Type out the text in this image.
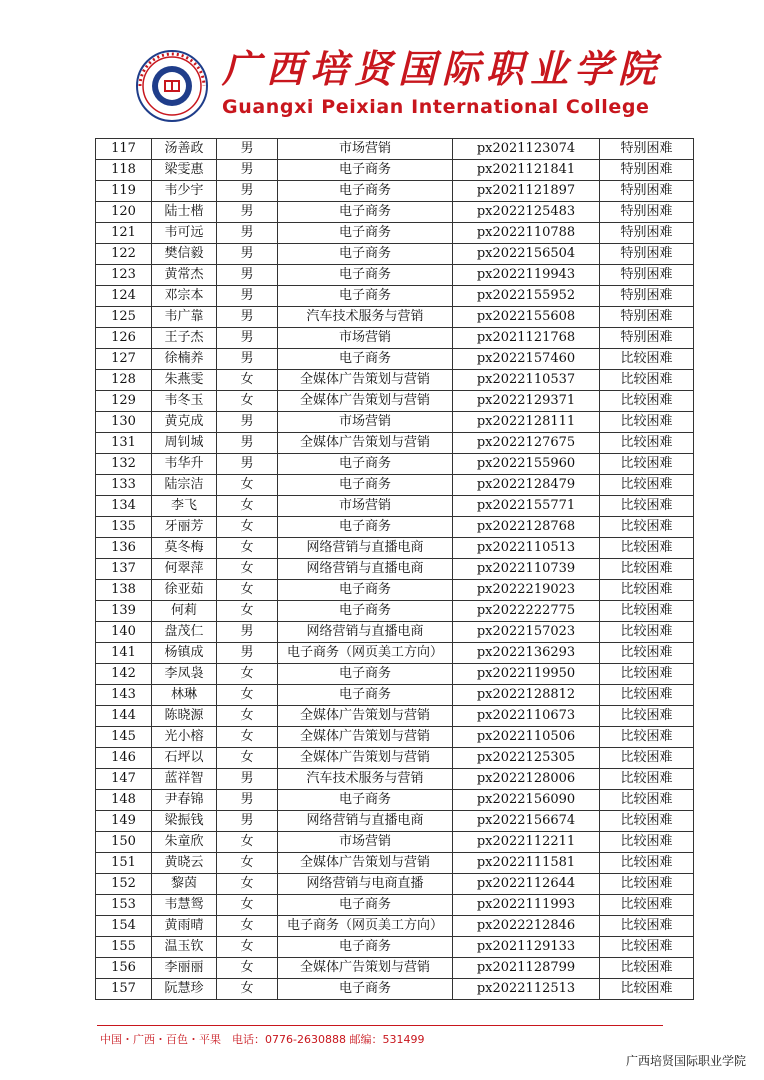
广西培贤国际职业学院
Guangxi Peixian International College
117	汤善政	男	市场营销	px2021123074	特别困难
118	梁雯惠	男	电子商务	px2021121841	特别困难
119	韦少宇	男	电子商务	px2021121897	特别困难
120	陆士楷	男	电子商务	px2022125483	特别困难
121	韦可远	男	电子商务	px2022110788	特别困难
122	樊信毅	男	电子商务	px2022156504	特别困难
123	黄常杰	男	电子商务	px2022119943	特别困难
124	邓宗本	男	电子商务	px2022155952	特别困难
125	韦广靠	男	汽车技术服务与营销	px2022155608	特别困难
126	王子杰	男	市场营销	px2021121768	特别困难
127	徐楠养	男	电子商务	px2022157460	比较困难
128	朱燕雯	女	全媒体广告策划与营销	px2022110537	比较困难
129	韦冬玉	女	全媒体广告策划与营销	px2022129371	比较困难
130	黄克成	男	市场营销	px2022128111	比较困难
131	周钊城	男	全媒体广告策划与营销	px2022127675	比较困难
132	韦华升	男	电子商务	px2022155960	比较困难
133	陆宗洁	女	电子商务	px2022128479	比较困难
134	李飞	女	市场营销	px2022155771	比较困难
135	牙丽芳	女	电子商务	px2022128768	比较困难
136	莫冬梅	女	网络营销与直播电商	px2022110513	比较困难
137	何翠萍	女	网络营销与直播电商	px2022110739	比较困难
138	徐亚茹	女	电子商务	px2022219023	比较困难
139	何莉	女	电子商务	px2022222775	比较困难
140	盘茂仁	男	网络营销与直播电商	px2022157023	比较困难
141	杨镇成	男	电子商务（网页美工方向）	px2022136293	比较困难
142	李凤袅	女	电子商务	px2022119950	比较困难
143	林琳	女	电子商务	px2022128812	比较困难
144	陈晓源	女	全媒体广告策划与营销	px2022110673	比较困难
145	光小榕	女	全媒体广告策划与营销	px2022110506	比较困难
146	石坪以	女	全媒体广告策划与营销	px2022125305	比较困难
147	蓝祥智	男	汽车技术服务与营销	px2022128006	比较困难
148	尹春锦	男	电子商务	px2022156090	比较困难
149	梁振钱	男	网络营销与直播电商	px2022156674	比较困难
150	朱童欣	女	市场营销	px2022112211	比较困难
151	黄晓云	女	全媒体广告策划与营销	px2022111581	比较困难
152	黎茵	女	网络营销与电商直播	px2022112644	比较困难
153	韦慧鸳	女	电子商务	px2022111993	比较困难
154	黄雨晴	女	电子商务（网页美工方向）	px2022212846	比较困难
155	温玉钦	女	电子商务	px2021129133	比较困难
156	李丽丽	女	全媒体广告策划与营销	px2021128799	比较困难
157	阮慧珍	女	电子商务	px2022112513	比较困难
中国・广西・百色・平果　电话：0776-2630888 邮编：531499
广西培贤国际职业学院
